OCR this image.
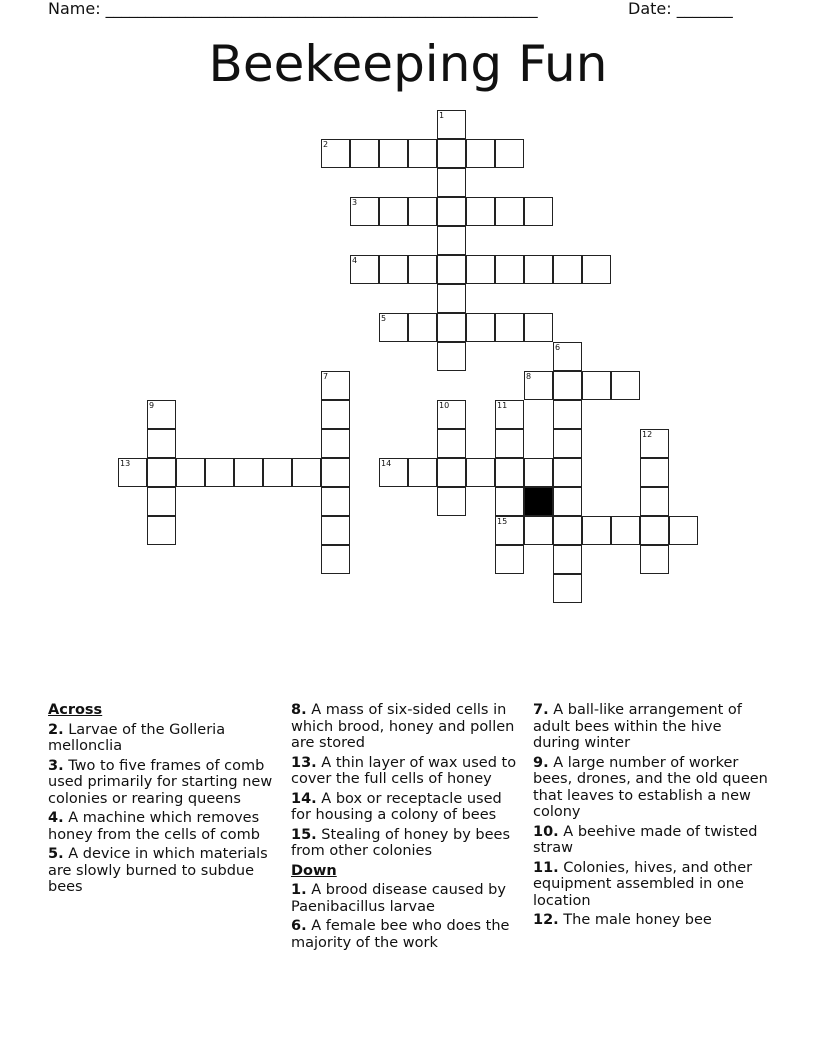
Name: ______________________________________________________	Date: _______
Beekeeping Fun
1
2
3
4
5
6
7	8
9	10	11
12
13	14
15
Across
2. Larvae of the Golleria mellonclia
3. Two to five frames of comb used primarily for starting new colonies or rearing queens
4. A machine which removes honey from the cells of comb
5. A device in which materials are slowly burned to subdue bees
8. A mass of six-sided cells in which brood, honey and pollen are stored
13. A thin layer of wax used to cover the full cells of honey
14. A box or receptacle used for housing a colony of bees
15. Stealing of honey by bees from other colonies
Down
1. A brood disease caused by Paenibacillus larvae
6. A female bee who does the majority of the work
7. A ball-like arrangement of adult bees within the hive during winter
9. A large number of worker bees, drones, and the old queen that leaves to establish a new colony
10. A beehive made of twisted straw
11. Colonies, hives, and other equipment assembled in one location
12. The male honey bee
